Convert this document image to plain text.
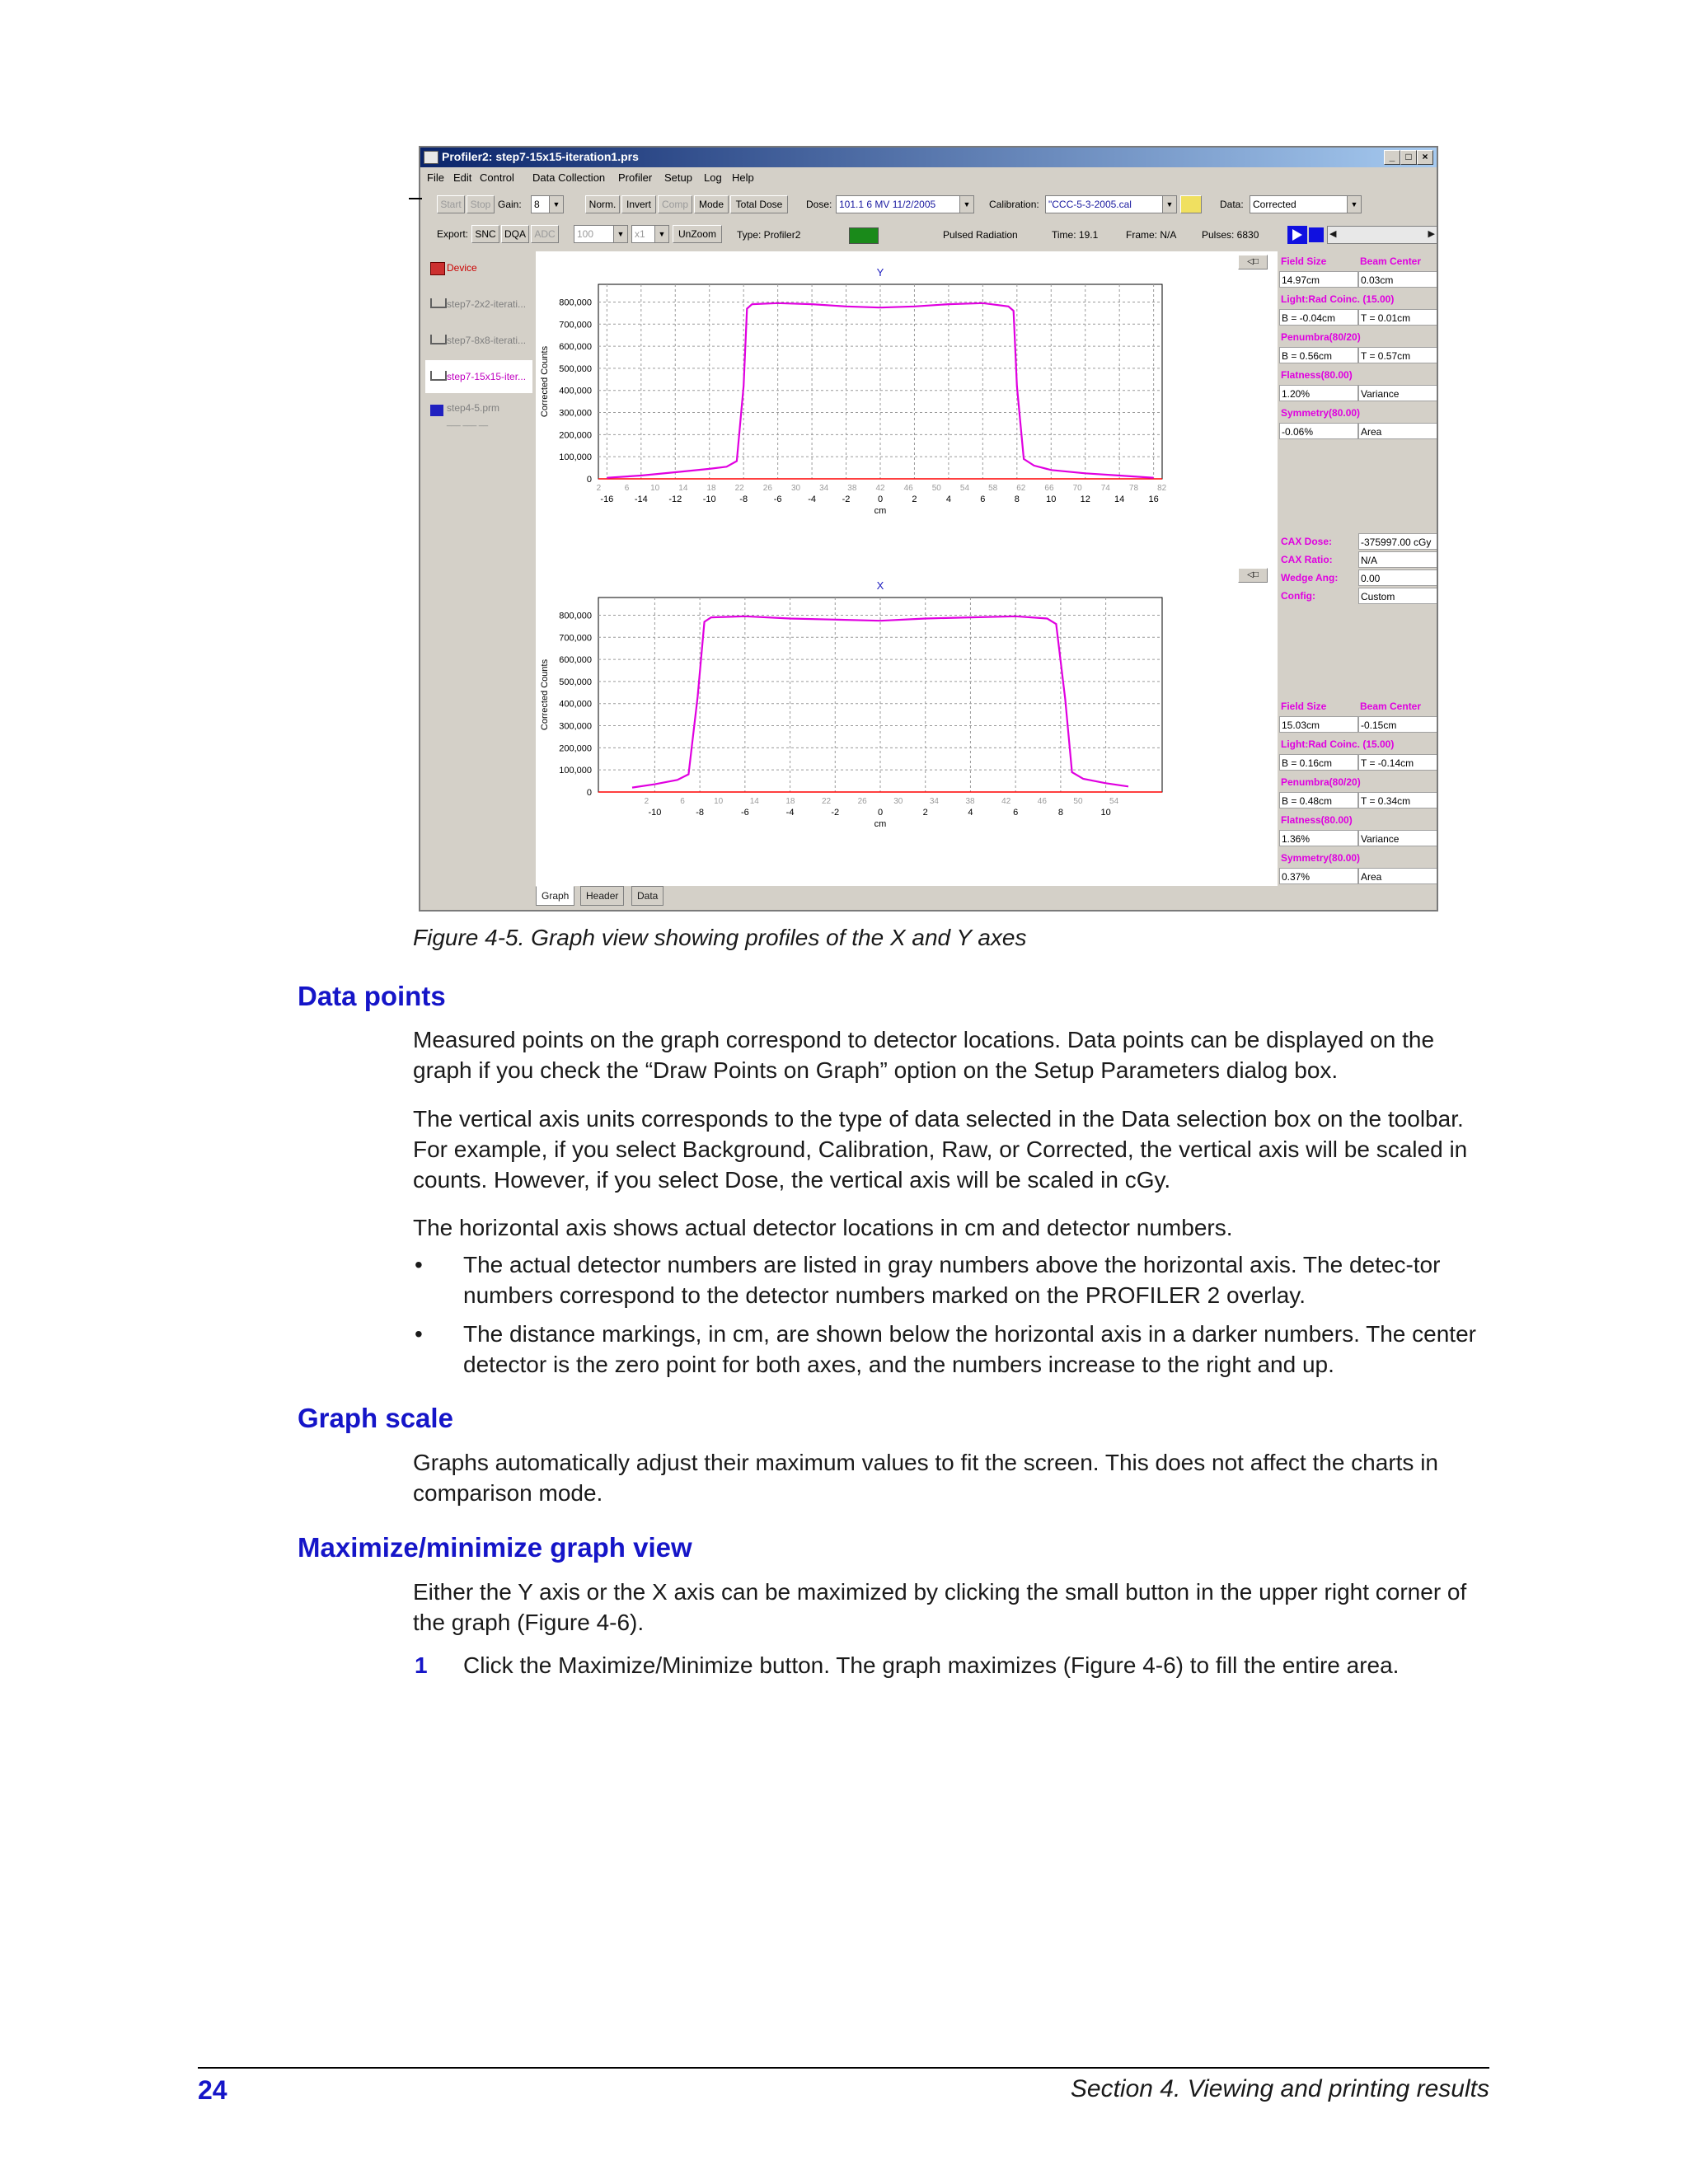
Profiler2: step7-15x15-iteration1.prs	_	□	×
File Edit Control Data Collection Profiler Setup Log Help
Start Stop Gain:	8	▼	Norm.	Invert	Comp	Mode	Total Dose	Dose: 101.1 6 MV 11/2/2005	▼ Calibration: "CCC-5-3-2005.cal	▼	Data: Corrected	▼
Export: SNC DQA ADC	100	▼	x1	▼	UnZoom	Type: Profiler2	Pulsed Radiation	Time: 19.1	Frame: N/A	Pulses: 6830	◀	▶
Device
step7-2x2-iterati...
step7-8x8-iterati...
step7-15x15-iter...
step4-5.prm
___ ___ __
Y
0
100,000
200,000
300,000
400,000
500,000
600,000
700,000
800,000
-16 -14 -12 -10	-8	-6	-4	-2	0	2	4	6	8	10	12	14	16
2	6	10 14 18 22 26 30 34 38 42 46 50 54 58 62 66 70 74 78 82
cm
Corrected Counts
X
0
100,000
200,000
300,000
400,000
500,000
600,000
700,000
800,000
-10	-8	-6	-4	-2	0	2	4	6	8	10
2	6	10	14	18	22	26	30	34	38	42	46	50	54
cm
Corrected Counts
◁□
◁□
Field Size	Beam Center
14.97cm	0.03cm
Light:Rad Coinc. (15.00)
B = -0.04cm	T = 0.01cm
Penumbra(80/20)
B = 0.56cm	T = 0.57cm
Flatness(80.00)
1.20%	Variance
Symmetry(80.00)
-0.06%	Area
CAX Dose:	-375997.00 cGy
CAX Ratio:	N/A
Wedge Ang:	0.00
Config:	Custom
Field Size	Beam Center
15.03cm	-0.15cm
Light:Rad Coinc. (15.00)
B = 0.16cm	T = -0.14cm
Penumbra(80/20)
B = 0.48cm	T = 0.34cm
Flatness(80.00)
1.36%	Variance
Symmetry(80.00)
0.37%	Area
Graph	Header	Data
Figure 4-5. Graph view showing profiles of the X and Y axes
Data points
Measured points on the graph correspond to detector locations. Data points can be displayed on the graph if you check the “Draw Points on Graph” option on the Setup Parameters dialog box.
The vertical axis units corresponds to the type of data selected in the Data selection box on the toolbar. For example, if you select Background, Calibration, Raw, or Corrected, the vertical axis will be scaled in counts. However, if you select Dose, the vertical axis will be scaled in cGy.
The horizontal axis shows actual detector locations in cm and detector numbers.
• The actual detector numbers are listed in gray numbers above the horizontal axis. The detec-tor numbers correspond to the detector numbers marked on the PROFILER 2 overlay.
• The distance markings, in cm, are shown below the horizontal axis in a darker numbers. The center detector is the zero point for both axes, and the numbers increase to the right and up.
Graph scale
Graphs automatically adjust their maximum values to fit the screen. This does not affect the charts in comparison mode.
Maximize/minimize graph view
Either the Y axis or the X axis can be maximized by clicking the small button in the upper right corner of the graph (Figure 4-6).
1 Click the Maximize/Minimize button. The graph maximizes (Figure 4-6) to fill the entire area.
24	Section 4. Viewing and printing results
